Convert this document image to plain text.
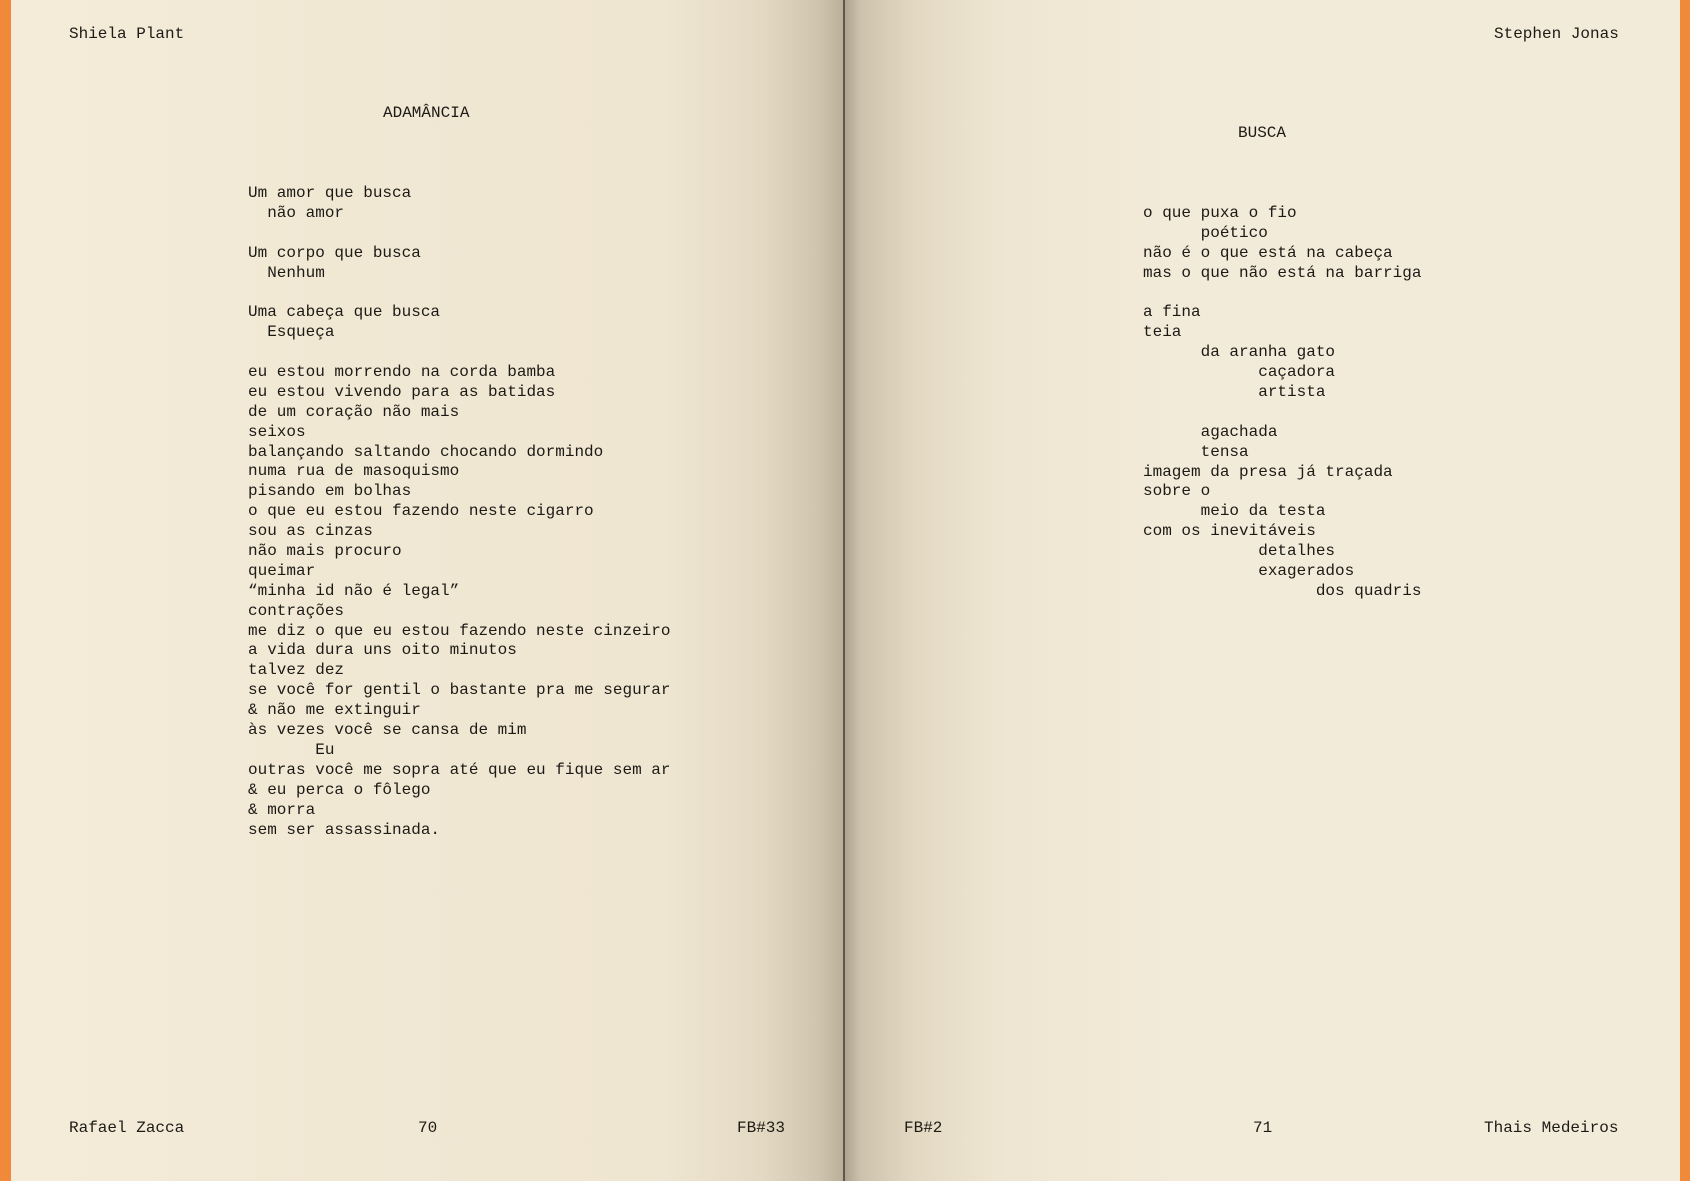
Shiela Plant
ADAMÂNCIA
Um amor que busca
não amor
Um corpo que busca
Nenhum
Uma cabeça que busca
Esqueça
eu estou morrendo na corda bamba
eu estou vivendo para as batidas
de um coração não mais
seixos
balançando saltando chocando dormindo
numa rua de masoquismo
pisando em bolhas
o que eu estou fazendo neste cigarro
sou as cinzas
não mais procuro
queimar
“minha id não é legal”
contrações
me diz o que eu estou fazendo neste cinzeiro
a vida dura uns oito minutos
talvez dez
se você for gentil o bastante pra me segurar
& não me extinguir
às vezes você se cansa de mim
Eu
outras você me sopra até que eu fique sem ar
& eu perca o fôlego
& morra
sem ser assassinada.
Rafael Zacca	70	FB#33
Stephen Jonas
BUSCA
o que puxa o fio
poético
não é o que está na cabeça
mas o que não está na barriga
a fina
teia
da aranha gato
caçadora
artista
agachada
tensa
imagem da presa já traçada
sobre o
meio da testa
com os inevitáveis
detalhes
exagerados
dos quadris
FB#2	71	Thais Medeiros
